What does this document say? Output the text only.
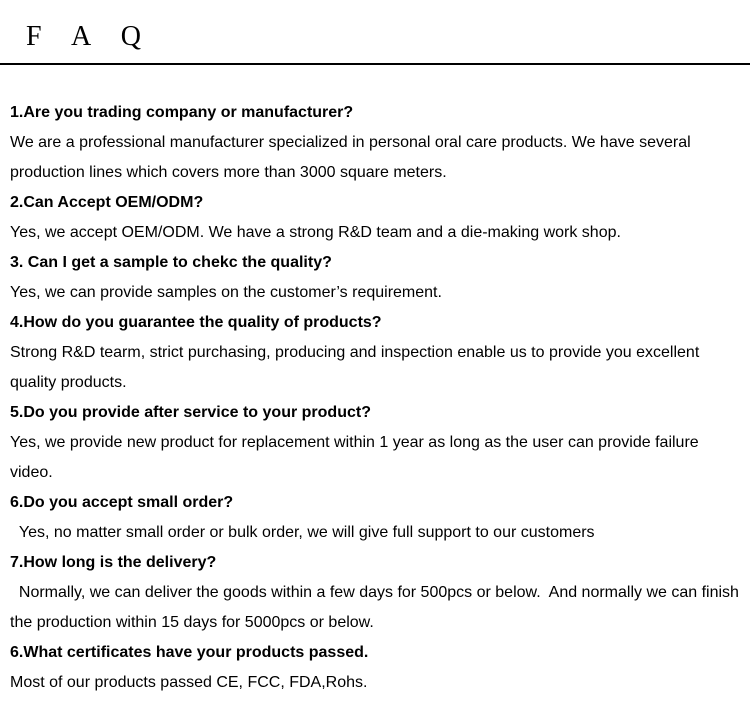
F A Q

1.Are you trading company or manufacturer?

We are a professional manufacturer specialized in personal oral care products. We have several production lines which covers more than 3000 square meters.

2.Can Accept OEM/ODM?

Yes, we accept OEM/ODM. We have a strong R&D team and a die-making work shop.

3. Can I get a sample to chekc the quality?

Yes, we can provide samples on the customer’s requirement.

4.How do you guarantee the quality of products?

Strong R&D tearm, strict purchasing, producing and inspection enable us to provide you excellent quality products.

5.Do you provide after service to your product?

Yes, we provide new product for replacement within 1 year as long as the user can provide failure video.

6.Do you accept small order?

Yes, no matter small order or bulk order, we will give full support to our customers

7.How long is the delivery?

Normally, we can deliver the goods within a few days for 500pcs or below.  And normally we can finish the production within 15 days for 5000pcs or below.

6.What certificates have your products passed.

Most of our products passed CE, FCC, FDA,Rohs.
